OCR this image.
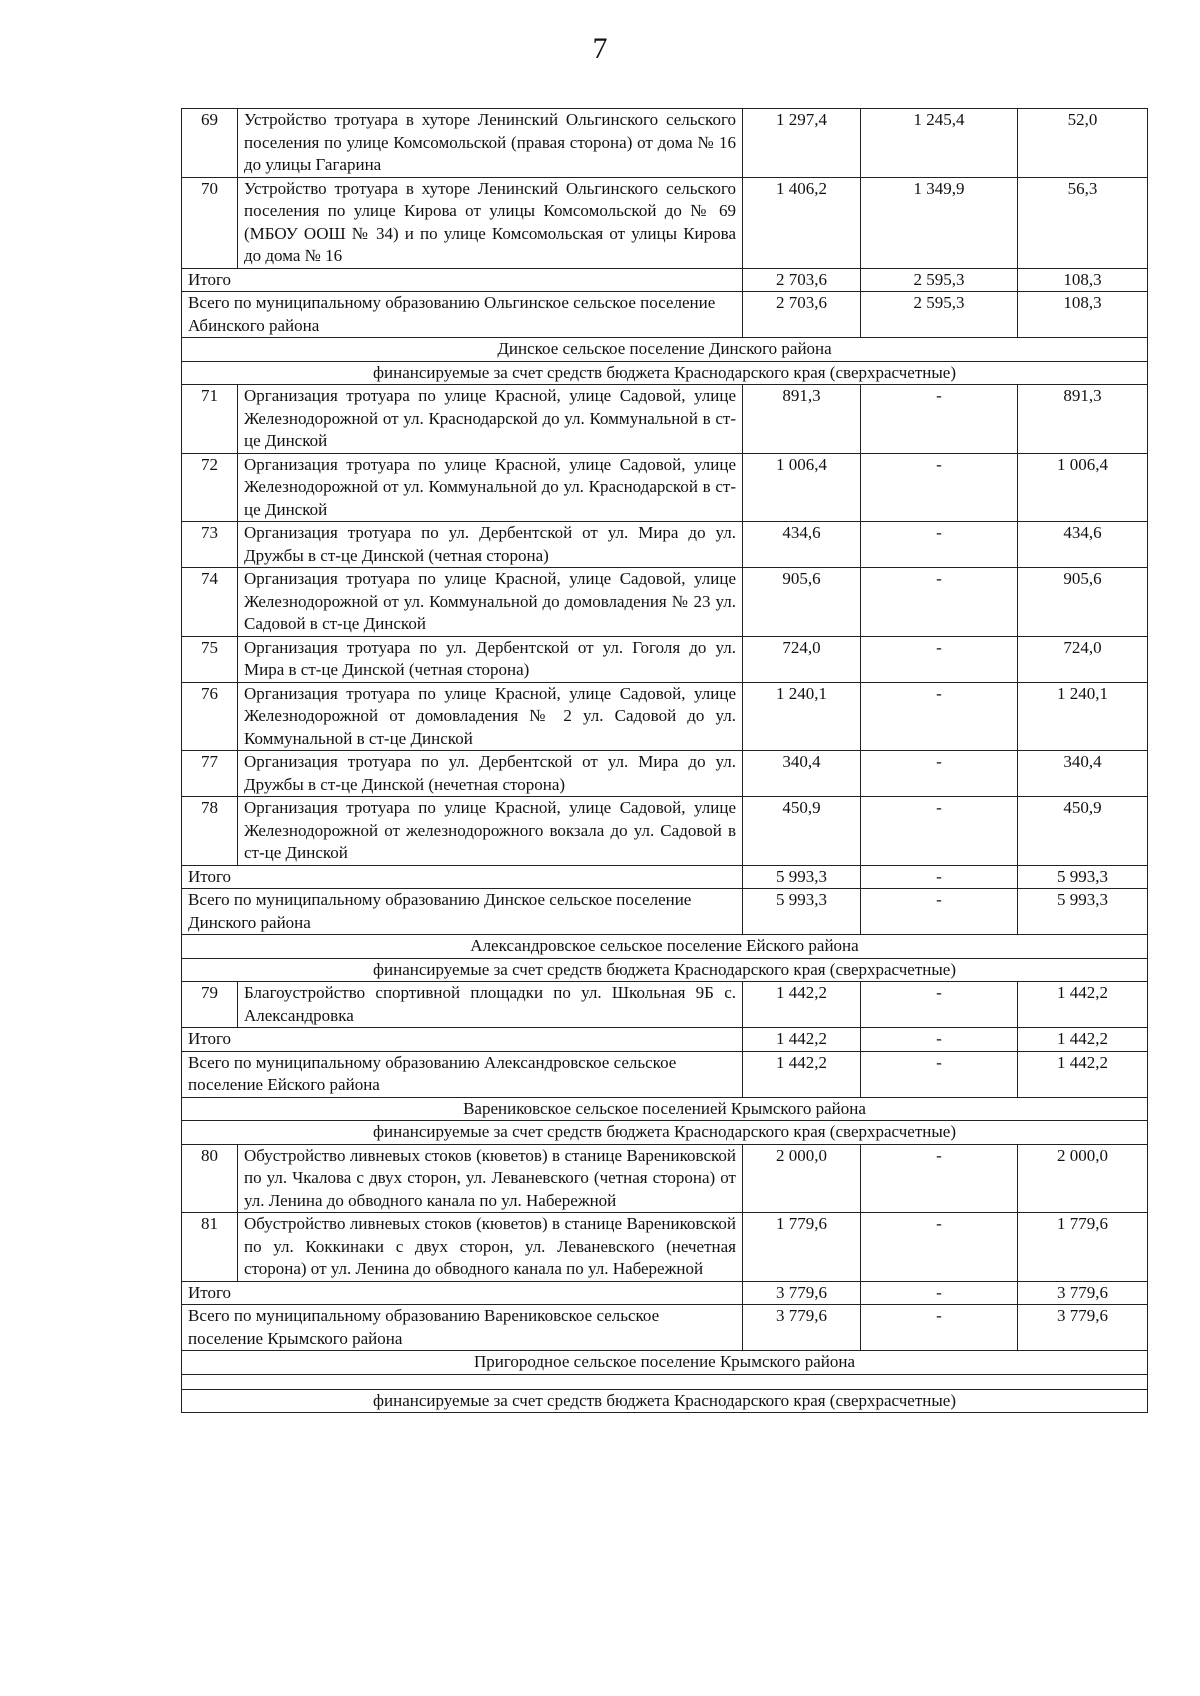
7
69	Устройство тротуара в хуторе Ленинский Ольгинского сельского поселения по улице Комсомольской (правая сторона) от дома № 16 до улицы Гагарина	1 297,4	1 245,4	52,0
70	Устройство тротуара в хуторе Ленинский Ольгинского сельского поселения по улице Кирова от улицы Комсомольской до № 69 (МБОУ ООШ № 34) и по улице Комсомольская от улицы Кирова до дома № 16	1 406,2	1 349,9	56,3
Итого		2 703,6	2 595,3	108,3
Всего по муниципальному образованию Ольгинское сельское поселение Абинского района		2 703,6	2 595,3	108,3
Динское сельское поселение Динского района				
финансируемые за счет средств бюджета Краснодарского края (сверхрасчетные)				
71	Организация тротуара по улице Красной, улице Садовой, улице Железнодорожной от ул. Краснодарской до ул. Коммунальной в ст-це Динской	891,3	-	891,3
72	Организация тротуара по улице Красной, улице Садовой, улице Железнодорожной от ул. Коммунальной до ул. Краснодарской в ст-це Динской	1 006,4	-	1 006,4
73	Организация тротуара по ул. Дербентской от ул. Мира до ул. Дружбы в ст-це Динской (четная сторона)	434,6	-	434,6
74	Организация тротуара по улице Красной, улице Садовой, улице Железнодорожной от ул. Коммунальной до домовладения № 23 ул. Садовой в ст-це Динской	905,6	-	905,6
75	Организация тротуара по ул. Дербентской от ул. Гоголя до ул. Мира в ст-це Динской (четная сторона)	724,0	-	724,0
76	Организация тротуара по улице Красной, улице Садовой, улице Железнодорожной от домовладения № 2 ул. Садовой до ул. Коммунальной в ст-це Динской	1 240,1	-	1 240,1
77	Организация тротуара по ул. Дербентской от ул. Мира до ул. Дружбы в ст-це Динской (нечетная сторона)	340,4	-	340,4
78	Организация тротуара по улице Красной, улице Садовой, улице Железнодорожной от железнодорожного вокзала до ул. Садовой в ст-це Динской	450,9	-	450,9
Итого		5 993,3	-	5 993,3
Всего по муниципальному образованию Динское сельское поселение Динского района		5 993,3	-	5 993,3
Александровское сельское поселение Ейского района				
финансируемые за счет средств бюджета Краснодарского края (сверхрасчетные)				
79	Благоустройство спортивной площадки по ул. Школьная 9Б с. Александровка	1 442,2	-	1 442,2
Итого		1 442,2	-	1 442,2
Всего по муниципальному образованию Александровское сельское поселение Ейского района		1 442,2	-	1 442,2
Варениковское сельское поселенией Крымского района				
финансируемые за счет средств бюджета Краснодарского края (сверхрасчетные)				
80	Обустройство ливневых стоков (кюветов) в станице Варениковской по ул. Чкалова с двух сторон, ул. Леваневского (четная сторона) от ул. Ленина до обводного канала по ул. Набережной	2 000,0	-	2 000,0
81	Обустройство ливневых стоков (кюветов) в станице Варениковской по ул. Коккинаки с двух сторон, ул. Леваневского (нечетная сторона) от ул. Ленина до обводного канала по ул. Набережной	1 779,6	-	1 779,6
Итого		3 779,6	-	3 779,6
Всего по муниципальному образованию Варениковское сельское поселение Крымского района		3 779,6	-	3 779,6
Пригородное сельское поселение Крымского района				

финансируемые за счет средств бюджета Краснодарского края (сверхрасчетные)				
